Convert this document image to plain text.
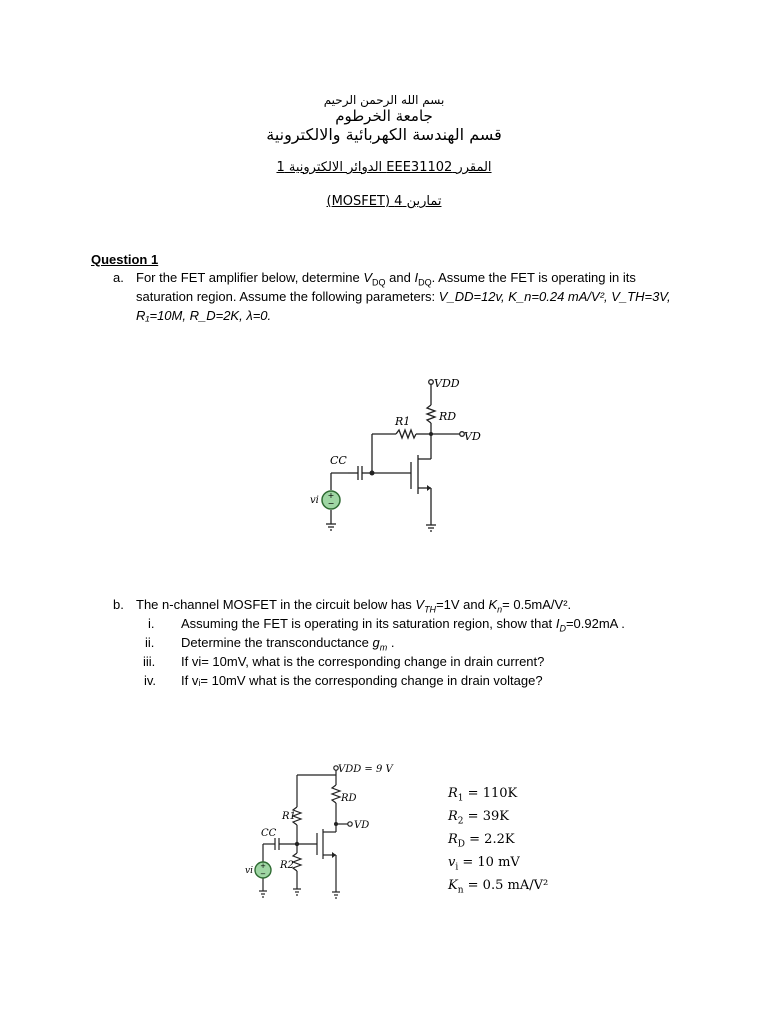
بسم الله الرحمن الرحيم
جامعة الخرطوم
قسم الهندسة الكهربائية والالكترونية
المقرر EEE31102 الدوائر الالكترونية 1
تمارين 4 (MOSFET)
Question 1
a. For the FET amplifier below, determine $V_{DQ}$ and $I_{DQ}$. Assume the FET is operating in its
saturation region. Assume the following parameters: V_DD=12v, K_n=0.24 mA/V², V_TH=3V,
R₁=10M, R_D=2K, λ=0.
+
−
VDD
RD
R1
VD
CC
vi
b. The n-channel MOSFET in the circuit below has $V_{TH}=1V$ and $K_n= 0.5mA/V^2$.
i. Assuming the FET is operating in its saturation region, show that $I_D=0.92mA$ .
ii. Determine the transconductance $g_m$ .
iii. If vi= 10mV, what is the corresponding change in drain current?
iv. If vᵢ= 10mV what is the corresponding change in drain voltage?
+
−
VDD = 9 V
RD
R1
VD
CC
R2
vi
$R_1 = 110K$
$R_2 = 39K$
$R_D = 2.2K$
$v_i = 10$ mV
$K_n = 0.5$ mA/V²
